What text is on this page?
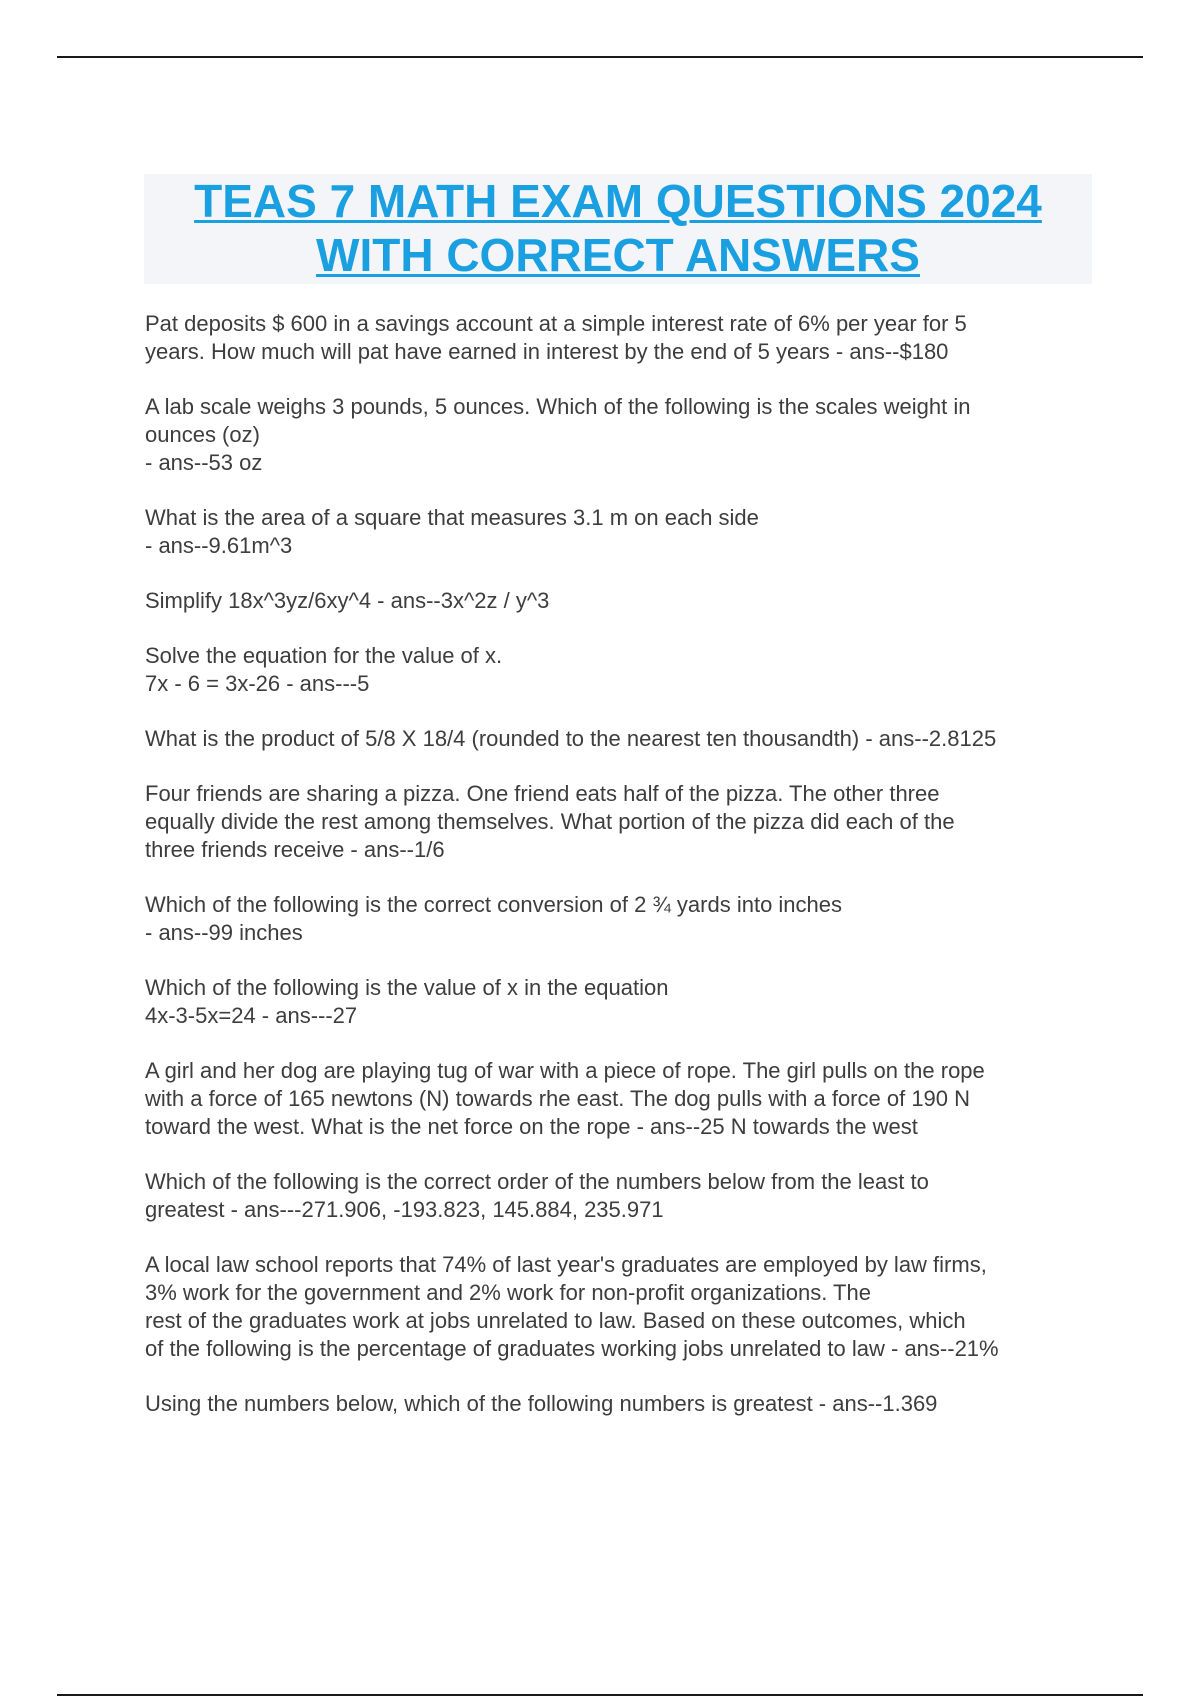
TEAS 7 MATH EXAM QUESTIONS 2024
WITH CORRECT ANSWERS
Pat deposits $ 600 in a savings account at a simple interest rate of 6% per year for 5
years. How much will pat have earned in interest by the end of 5 years - ans--$180
A lab scale weighs 3 pounds, 5 ounces. Which of the following is the scales weight in
ounces (oz)
- ans--53 oz
What is the area of a square that measures 3.1 m on each side
- ans--9.61m^3
Simplify 18x^3yz/6xy^4 - ans--3x^2z / y^3
Solve the equation for the value of x.
7x - 6 = 3x-26 - ans---5
What is the product of 5/8 X 18/4 (rounded to the nearest ten thousandth) - ans--2.8125
Four friends are sharing a pizza. One friend eats half of the pizza. The other three
equally divide the rest among themselves. What portion of the pizza did each of the
three friends receive - ans--1/6
Which of the following is the correct conversion of 2 ¾ yards into inches
- ans--99 inches
Which of the following is the value of x in the equation
4x-3-5x=24 - ans---27
A girl and her dog are playing tug of war with a piece of rope. The girl pulls on the rope
with a force of 165 newtons (N) towards rhe east. The dog pulls with a force of 190 N
toward the west. What is the net force on the rope - ans--25 N towards the west
Which of the following is the correct order of the numbers below from the least to
greatest - ans---271.906, -193.823, 145.884, 235.971
A local law school reports that 74% of last year's graduates are employed by law firms,
3% work for the government and 2% work for non-profit organizations. The
rest of the graduates work at jobs unrelated to law. Based on these outcomes, which
of the following is the percentage of graduates working jobs unrelated to law - ans--21%
Using the numbers below, which of the following numbers is greatest - ans--1.369
